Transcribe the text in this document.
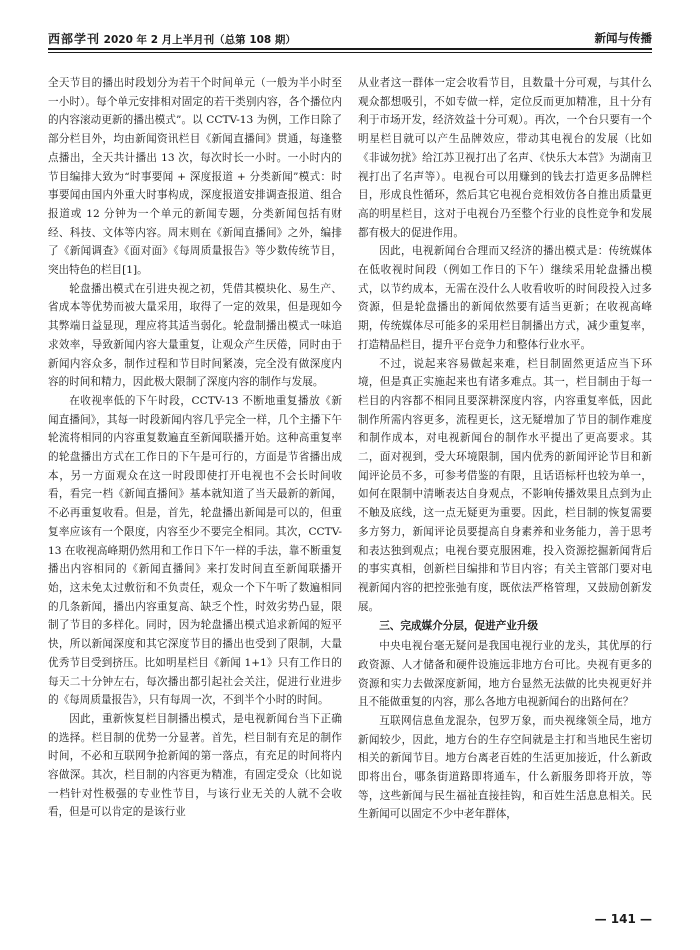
西部学刊 2020 年 2 月上半月刊（总第 108 期）	新闻与传播

全天节目的播出时段划分为若干个时间单元（一般为半小时至一小时）。每个单元安排相对固定的若干类别内容，各个播位内的内容滚动更新的播出模式”。以 CCTV-13 为例，工作日除了部分栏目外，均由新闻资讯栏目《新闻直播间》贯通，每逢整点播出，全天共计播出 13 次，每次时长一小时。一小时内的节目编排大致为“时事要闻 + 深度报道 + 分类新闻”模式：时事要闻由国内外重大时事构成，深度报道安排调查报道、组合报道或 12 分钟为一个单元的新闻专题，分类新闻包括有财经、科技、文体等内容。周末则在《新闻直播间》之外，编排了《新闻调查》《面对面》《每周质量报告》等少数传统节目，突出特色的栏目[1]。

轮盘播出模式在引进央视之初，凭借其模块化、易生产、省成本等优势而被大量采用，取得了一定的效果，但是现如今其弊端日益显现，理应将其适当弱化。轮盘制播出模式一味追求效率，导致新闻内容大量重复，让观众产生厌倦，同时由于新闻内容众多，制作过程和节目时间紧凑，完全没有做深度内容的时间和精力，因此极大限制了深度内容的制作与发展。

在收视率低的下午时段，CCTV-13 不断地重复播放《新闻直播间》，其每一时段新闻内容几乎完全一样，几个主播下午轮流将相同的内容重复数遍直至新闻联播开始。这种高重复率的轮盘播出方式在工作日的下午是可行的，方面是节省播出成本，另一方面观众在这一时段即使打开电视也不会长时间收看，看完一档《新闻直播间》基本就知道了当天最新的新闻，不必再重复收看。但是，首先，轮盘播出新闻是可以的，但重复率应该有一个限度，内容至少不要完全相同。其次，CCTV-13 在收视高峰期仍然用和工作日下午一样的手法，靠不断重复播出内容相同的《新闻直播间》来打发时间直至新闻联播开始，这未免太过敷衍和不负责任，观众一个下午听了数遍相同的几条新闻，播出内容重复高、缺乏个性，时效劣势凸显，限制了节目的多样化。同时，因为轮盘播出模式追求新闻的短平快，所以新闻深度和其它深度节目的播出也受到了限制，大量优秀节目受到挤压。比如明星栏目《新闻 1+1》只有工作日的每天二十分钟左右，每次播出都引起社会关注，促进行业进步的《每周质量报告》，只有每周一次，不到半个小时的时间。

因此，重新恢复栏目制播出模式，是电视新闻台当下正确的选择。栏目制的优势一分显著。首先，栏目制有充足的制作时间，不必和互联网争抢新闻的第一落点，有充足的时间将内容做深。其次，栏目制的内容更为精准，有固定受众（比如说一档针对性极强的专业性节目，与该行业无关的人就不会收看，但是可以肯定的是该行业

从业者这一群体一定会收看节目，且数量十分可观，与其什么观众都想吸引，不如专做一样，定位反而更加精准，且十分有利于市场开发，经济效益十分可观）。再次，一个台只要有一个明星栏目就可以产生品牌效应，带动其电视台的发展（比如《非诚勿扰》给江苏卫视打出了名声、《快乐大本营》为湖南卫视打出了名声等）。电视台可以用赚到的钱去打造更多品牌栏目，形成良性循环，然后其它电视台竞相效仿各自推出质量更高的明星栏目，这对于电视台乃至整个行业的良性竞争和发展都有极大的促进作用。

因此，电视新闻台合理而又经济的播出模式是：传统媒体在低收视时间段（例如工作日的下午）继续采用轮盘播出模式，以节约成本，无需在没什么人收看收听的时间段投入过多资源，但是轮盘播出的新闻依然要有适当更新；在收视高峰期，传统媒体尽可能多的采用栏目制播出方式，减少重复率，打造精品栏目，提升平台竞争力和整体行业水平。

不过，说起来容易做起来难，栏目制固然更适应当下环境，但是真正实施起来也有诸多难点。其一，栏目制由于每一栏目的内容都不相同且要深耕深度内容，内容重复率低，因此制作所需内容更多，流程更长，这无疑增加了节目的制作难度和制作成本，对电视新闻台的制作水平提出了更高要求。其二，面对视到，受大环境限制，国内优秀的新闻评论节目和新闻评论员不多，可参考借鉴的有限，且话语标杆也较为单一，如何在限制中清晰表达自身观点，不影响传播效果且点到为止不触及底线，这一点无疑更为重要。因此，栏目制的恢复需要多方努力，新闻评论员要提高自身素养和业务能力，善于思考和表达独到观点；电视台要克服困难，投入资源挖掘新闻背后的事实真相，创新栏目编排和节目内容；有关主管部门要对电视新闻内容的把控张弛有度，既依法严格管理，又鼓励创新发展。

三、完成媒介分层，促进产业升级

中央电视台毫无疑问是我国电视行业的龙头，其优厚的行政资源、人才储备和硬件设施远非地方台可比。央视有更多的资源和实力去做深度新闻，地方台显然无法做的比央视更好并且不能做重复的内容，那么各地方电视新闻台的出路何在？

互联网信息鱼龙混杂，包罗万象，而央视缘领全局，地方新闻较少，因此，地方台的生存空间就是主打和当地民生密切相关的新闻节目。地方台离老百姓的生活更加接近，什么新政即将出台，哪条街道路即将通车，什么新服务即将开放，等等，这些新闻与民生福祉直接挂钩，和百姓生活息息相关。民生新闻可以固定不少中老年群体，

— 141 —
